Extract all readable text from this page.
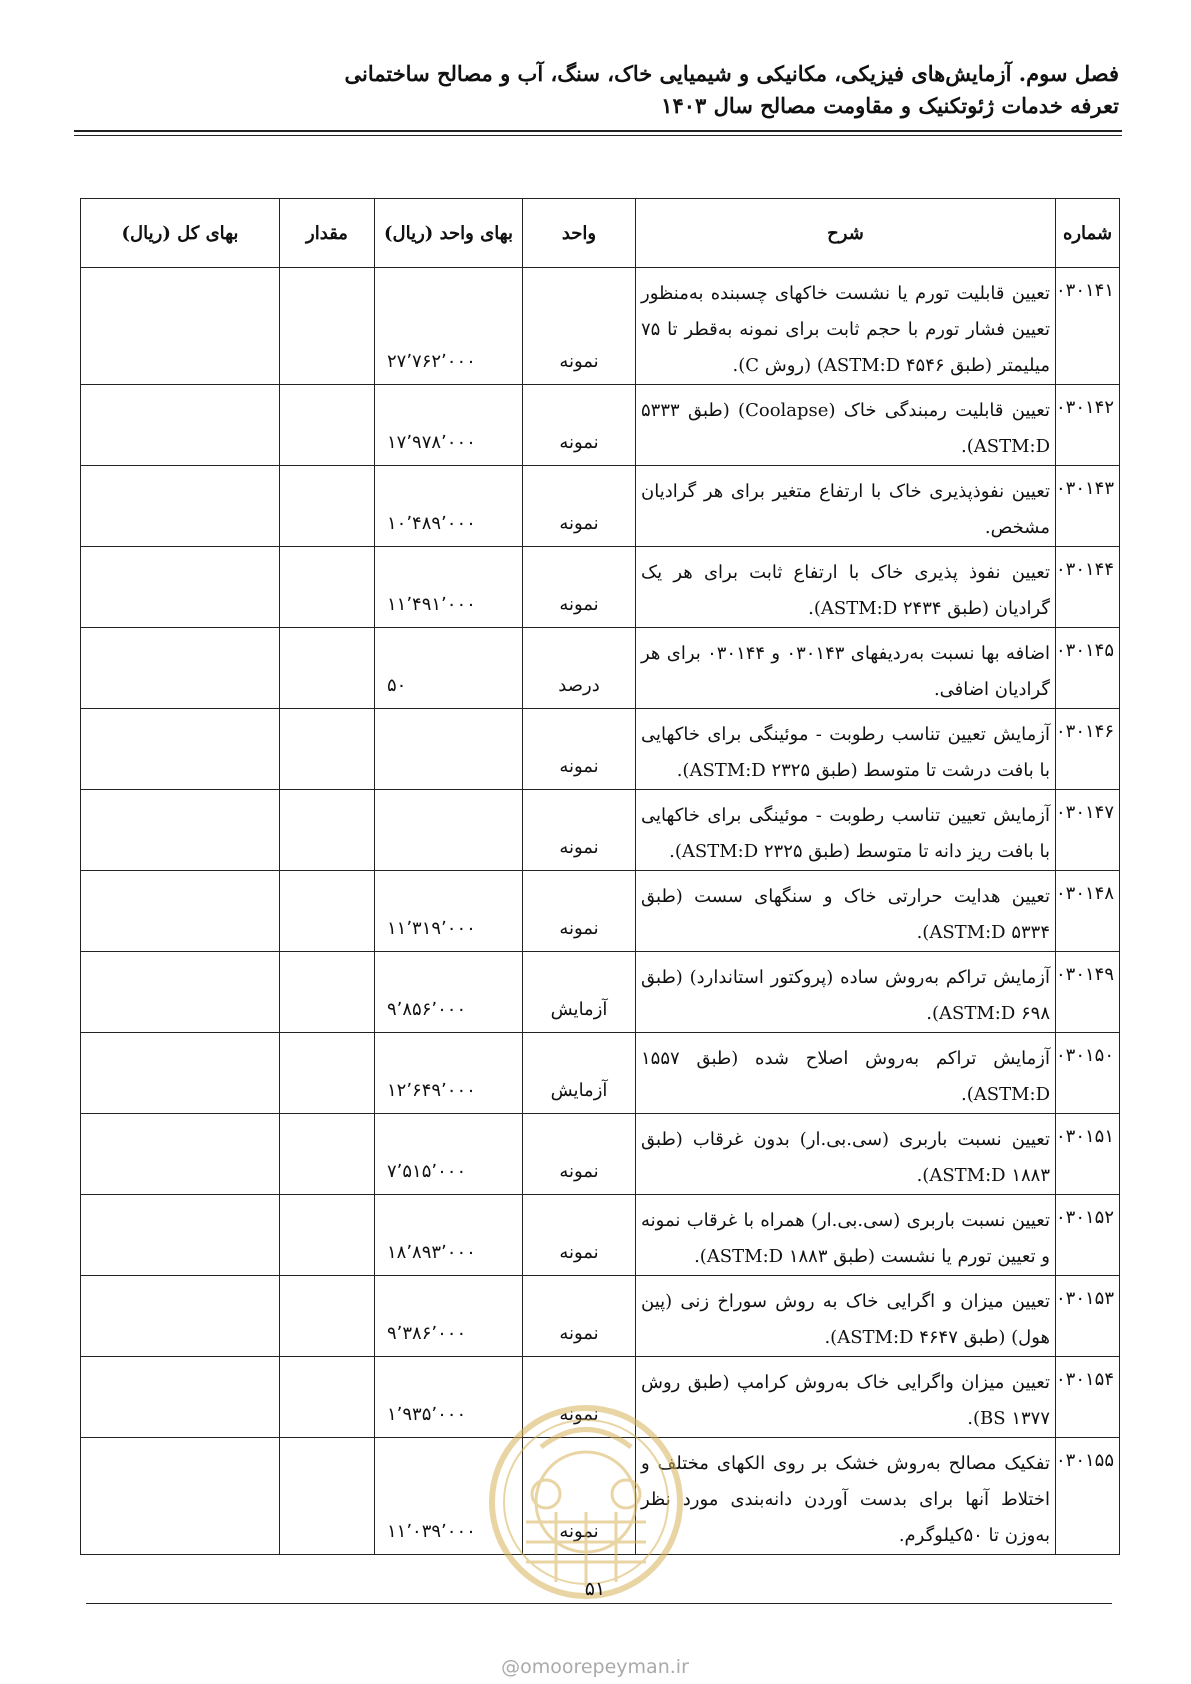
فصل سوم. آزمایش‌های فیزیکی، مکانیکی و شیمیایی خاک، سنگ، آب و مصالح ساختمانی
تعرفه خدمات ژئوتکنیک و مقاومت مصالح سال ۱۴۰۳
شماره	شرح	واحد	بهای واحد (ریال)	مقدار	بهای کل (ریال)
۰۳۰۱۴۱	تعیین قابلیت تورم یا نشست خاکهای چسبنده به‌منظور تعیین فشار تورم با حجم ثابت برای نمونه به‌قطر تا ۷۵ میلیمتر (طبق ASTM:D ۴۵۴۶) (روش C).	نمونه	۲۷٬۷۶۲٬۰۰۰		
۰۳۰۱۴۲	تعیین قابلیت رمبندگی خاک (Coolapse) (طبق ۵۳۳۳ ASTM:D).	نمونه	۱۷٬۹۷۸٬۰۰۰		
۰۳۰۱۴۳	تعیین نفوذپذیری خاک با ارتفاع متغیر برای هر گرادیان مشخص.	نمونه	۱۰٬۴۸۹٬۰۰۰		
۰۳۰۱۴۴	تعیین نفوذ پذیری خاک با ارتفاع ثابت برای هر یک گرادیان (طبق ASTM:D ۲۴۳۴).	نمونه	۱۱٬۴۹۱٬۰۰۰		
۰۳۰۱۴۵	اضافه بها نسبت به‌ردیفهای ۰۳۰۱۴۳ و ۰۳۰۱۴۴ برای هر گرادیان اضافی.	درصد	۵۰		
۰۳۰۱۴۶	آزمایش تعیین تناسب رطوبت - موئینگی برای خاکهایی با بافت درشت تا متوسط (طبق ASTM:D ۲۳۲۵).	نمونه			
۰۳۰۱۴۷	آزمایش تعیین تناسب رطوبت - موئینگی برای خاکهایی با بافت ریز دانه تا متوسط (طبق ASTM:D ۲۳۲۵).	نمونه			
۰۳۰۱۴۸	تعیین هدایت حرارتی خاک و سنگهای سست (طبق ۵۳۳۴ ASTM:D).	نمونه	۱۱٬۳۱۹٬۰۰۰		
۰۳۰۱۴۹	آزمایش تراکم به‌روش ساده (پروکتور استاندارد) (طبق ۶۹۸ ASTM:D).	آزمایش	۹٬۸۵۶٬۰۰۰		
۰۳۰۱۵۰	آزمایش تراکم به‌روش اصلاح شده (طبق ۱۵۵۷ ASTM:D).	آزمایش	۱۲٬۶۴۹٬۰۰۰		
۰۳۰۱۵۱	تعیین نسبت باربری (سی.بی.ار) بدون غرقاب (طبق ۱۸۸۳ ASTM:D).	نمونه	۷٬۵۱۵٬۰۰۰		
۰۳۰۱۵۲	تعیین نسبت باربری (سی.بی.ار) همراه با غرقاب نمونه و تعیین تورم یا نشست (طبق ۱۸۸۳ ASTM:D).	نمونه	۱۸٬۸۹۳٬۰۰۰		
۰۳۰۱۵۳	تعیین میزان و اگرایی خاک به روش سوراخ زنی (پین هول) (طبق ASTM:D ۴۶۴۷).	نمونه	۹٬۳۸۶٬۰۰۰		
۰۳۰۱۵۴	تعیین میزان واگرایی خاک به‌روش کرامپ (طبق روش ۱۳۷۷ BS).	نمونه	۱٬۹۳۵٬۰۰۰		
۰۳۰۱۵۵	تفکیک مصالح به‌روش خشک بر روی الکهای مختلف و اختلاط آنها برای بدست آوردن دانه‌بندی مورد نظر به‌وزن تا ۵۰کیلوگرم.	نمونه	۱۱٬۰۳۹٬۰۰۰		
۵۱
@omoorepeyman.ir
